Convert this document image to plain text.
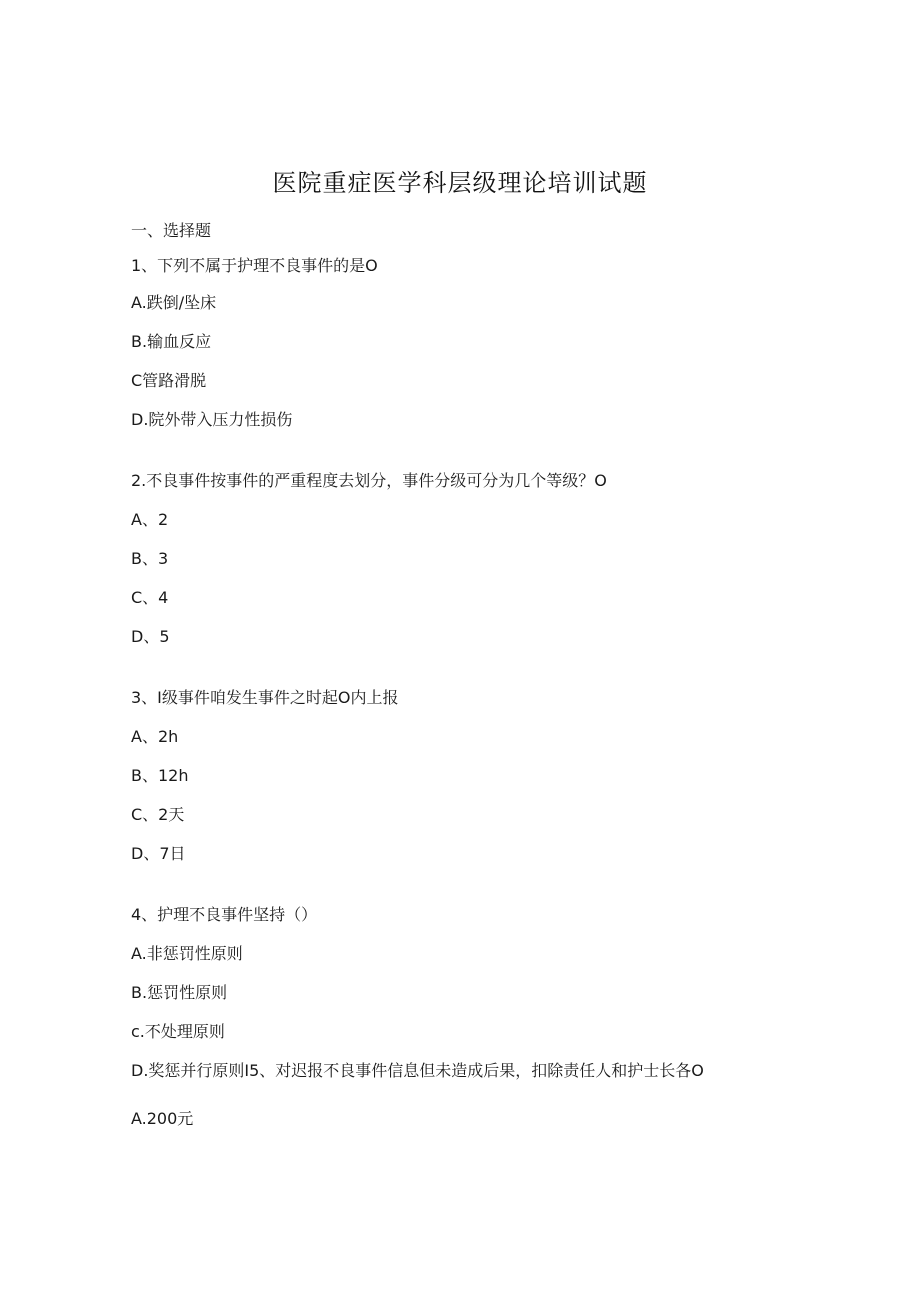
医院重症医学科层级理论培训试题
一、选择题
1、下列不属于护理不良事件的是O
A.跌倒/坠床
B.输血反应
C管路滑脱
D.院外带入压力性损伤
2.不良事件按事件的严重程度去划分，事件分级可分为几个等级？O
A、2
B、3
C、4
D、5
3、I级事件咱发生事件之时起O内上报
A、2h
B、12h
C、2天
D、7日
4、护理不良事件坚持（）
A.非惩罚性原则
B.惩罚性原则
c.不处理原则
D.奖惩并行原则I5、对迟报不良事件信息但未造成后果，扣除责任人和护士长各O
A.200元
